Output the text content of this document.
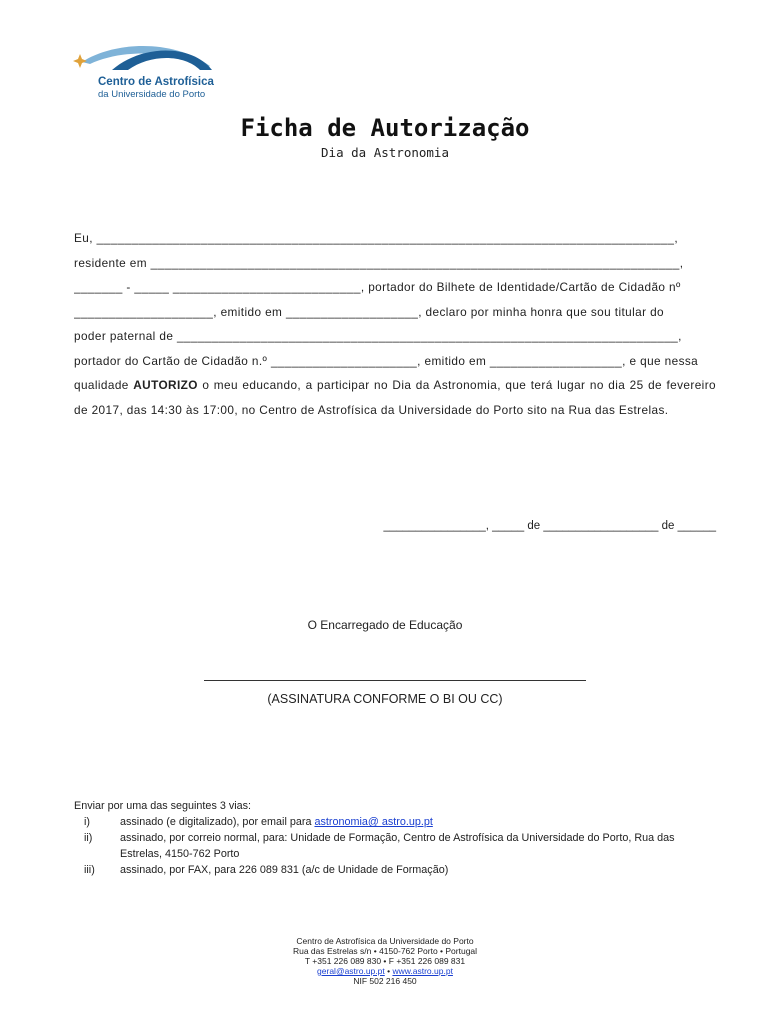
Centro de Astrofísica
da Universidade do Porto
Ficha de Autorização
Dia da Astronomia

Eu, ___________________________________________________________________________________,

residente em ____________________________________________________________________________,

_______ - _____ ___________________________, portador do Bilhete de Identidade/Cartão de Cidadão nº

____________________, emitido em ___________________, declaro por minha honra que sou titular do

poder paternal de ________________________________________________________________________,

portador do Cartão de Cidadão n.º _____________________, emitido em ___________________, e que nessa

qualidade AUTORIZO o meu educando, a participar no Dia da Astronomia, que terá lugar no dia 25 de fevereiro de 2017, das 14:30 às 17:00, no Centro de Astrofísica da Universidade do Porto sito na Rua das Estrelas.

________________, _____ de __________________ de ______
O Encarregado de Educação
(ASSINATURA CONFORME O BI OU CC)
Enviar por uma das seguintes 3 vias:
i)	assinado (e digitalizado), por email para astronomia@ astro.up.pt
ii)	assinado, por correio normal, para: Unidade de Formação, Centro de Astrofísica da Universidade do Porto, Rua das Estrelas, 4150-762 Porto
iii) assinado, por FAX, para 226 089 831 (a/c de Unidade de Formação)
Centro de Astrofísica da Universidade do Porto
Rua das Estrelas s/n • 4150-762 Porto • Portugal
T +351 226 089 830 • F +351 226 089 831
geral@astro.up.pt • www.astro.up.pt
NIF 502 216 450
